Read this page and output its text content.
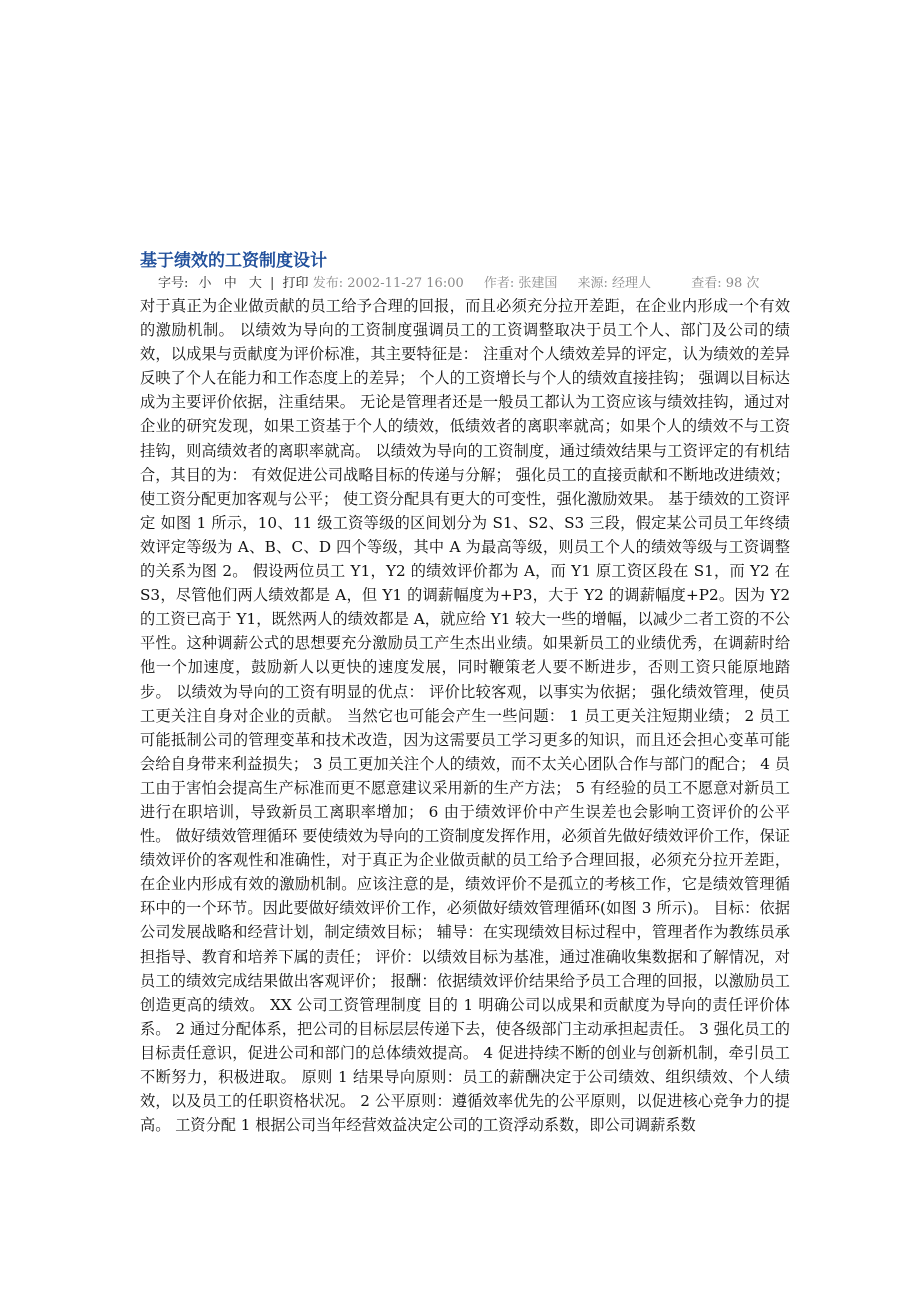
基于绩效的工资制度设计
字号: 小 中 大 | 打印 发布: 2002-11-27 16:00 作者: 张建国 来源: 经理人	查看: 98 次

对于真正为企业做贡献的员工给予合理的回报，而且必须充分拉开差距，在企业内形成一个有效的激励机制。 以绩效为导向的工资制度强调员工的工资调整取决于员工个人、部门及公司的绩效，以成果与贡献度为评价标准，其主要特征是： 注重对个人绩效差异的评定，认为绩效的差异反映了个人在能力和工作态度上的差异； 个人的工资增长与个人的绩效直接挂钩； 强调以目标达成为主要评价依据，注重结果。 无论是管理者还是一般员工都认为工资应该与绩效挂钩，通过对企业的研究发现，如果工资基于个人的绩效，低绩效者的离职率就高；如果个人的绩效不与工资挂钩，则高绩效者的离职率就高。 以绩效为导向的工资制度，通过绩效结果与工资评定的有机结合，其目的为： 有效促进公司战略目标的传递与分解； 强化员工的直接贡献和不断地改进绩效； 使工资分配更加客观与公平； 使工资分配具有更大的可变性，强化激励效果。 基于绩效的工资评定 如图 1 所示，10、11 级工资等级的区间划分为 S1、S2、S3 三段，假定某公司员工年终绩效评定等级为 A、B、C、D 四个等级，其中 A 为最高等级，则员工个人的绩效等级与工资调整的关系为图 2。 假设两位员工 Y1，Y2 的绩效评价都为 A，而 Y1 原工资区段在 S1，而 Y2 在 S3，尽管他们两人绩效都是 A，但 Y1 的调薪幅度为+P3，大于 Y2 的调薪幅度+P2。因为 Y2 的工资已高于 Y1，既然两人的绩效都是 A，就应给 Y1 较大一些的增幅，以减少二者工资的不公平性。这种调薪公式的思想要充分激励员工产生杰出业绩。如果新员工的业绩优秀，在调薪时给他一个加速度，鼓励新人以更快的速度发展，同时鞭策老人要不断进步，否则工资只能原地踏步。 以绩效为导向的工资有明显的优点： 评价比较客观，以事实为依据； 强化绩效管理，使员工更关注自身对企业的贡献。 当然它也可能会产生一些问题： 1 员工更关注短期业绩； 2 员工可能抵制公司的管理变革和技术改造，因为这需要员工学习更多的知识，而且还会担心变革可能会给自身带来利益损失； 3 员工更加关注个人的绩效，而不太关心团队合作与部门的配合； 4 员工由于害怕会提高生产标准而更不愿意建议采用新的生产方法； 5 有经验的员工不愿意对新员工进行在职培训，导致新员工离职率增加； 6 由于绩效评价中产生误差也会影响工资评价的公平性。 做好绩效管理循环 要使绩效为导向的工资制度发挥作用，必须首先做好绩效评价工作，保证绩效评价的客观性和准确性，对于真正为企业做贡献的员工给予合理回报，必须充分拉开差距，在企业内形成有效的激励机制。应该注意的是，绩效评价不是孤立的考核工作，它是绩效管理循环中的一个环节。因此要做好绩效评价工作，必须做好绩效管理循环(如图 3 所示)。 目标：依据公司发展战略和经营计划，制定绩效目标； 辅导：在实现绩效目标过程中，管理者作为教练员承担指导、教育和培养下属的责任； 评价：以绩效目标为基准，通过准确收集数据和了解情况，对员工的绩效完成结果做出客观评价； 报酬：依据绩效评价结果给予员工合理的回报，以激励员工创造更高的绩效。 XX 公司工资管理制度 目的 1 明确公司以成果和贡献度为导向的责任评价体系。 2 通过分配体系，把公司的目标层层传递下去，使各级部门主动承担起责任。 3 强化员工的目标责任意识，促进公司和部门的总体绩效提高。 4 促进持续不断的创业与创新机制，牵引员工不断努力，积极进取。 原则 1 结果导向原则：员工的薪酬决定于公司绩效、组织绩效、个人绩效，以及员工的任职资格状况。 2 公平原则：遵循效率优先的公平原则，以促进核心竞争力的提高。 工资分配 1 根据公司当年经营效益决定公司的工资浮动系数，即公司调薪系数
